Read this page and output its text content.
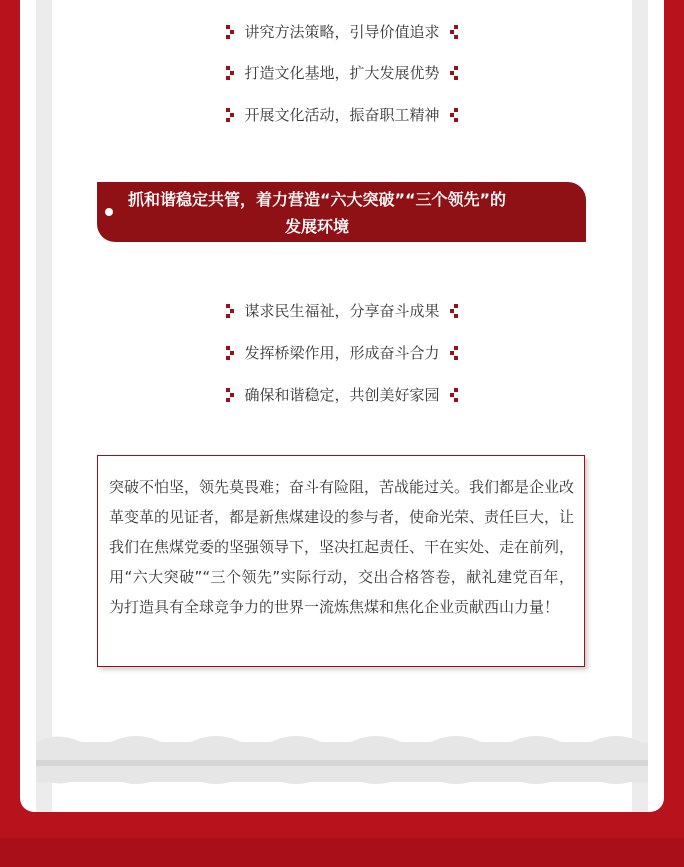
讲究方法策略，引导价值追求
打造文化基地，扩大发展优势
开展文化活动，振奋职工精神
抓和谐稳定共管，着力营造“六大突破”“三个领先”的
发展环境
谋求民生福祉，分享奋斗成果
发挥桥梁作用，形成奋斗合力
确保和谐稳定，共创美好家园
突破不怕坚，领先莫畏难；奋斗有险阻，苦战能过关。我们都是企业改革变革的见证者，都是新焦煤建设的参与者，使命光荣、责任巨大，让我们在焦煤党委的坚强领导下，坚决扛起责任、干在实处、走在前列，用“六大突破”“三个领先”实际行动，交出合格答卷，献礼建党百年，为打造具有全球竞争力的世界一流炼焦煤和焦化企业贡献西山力量！
